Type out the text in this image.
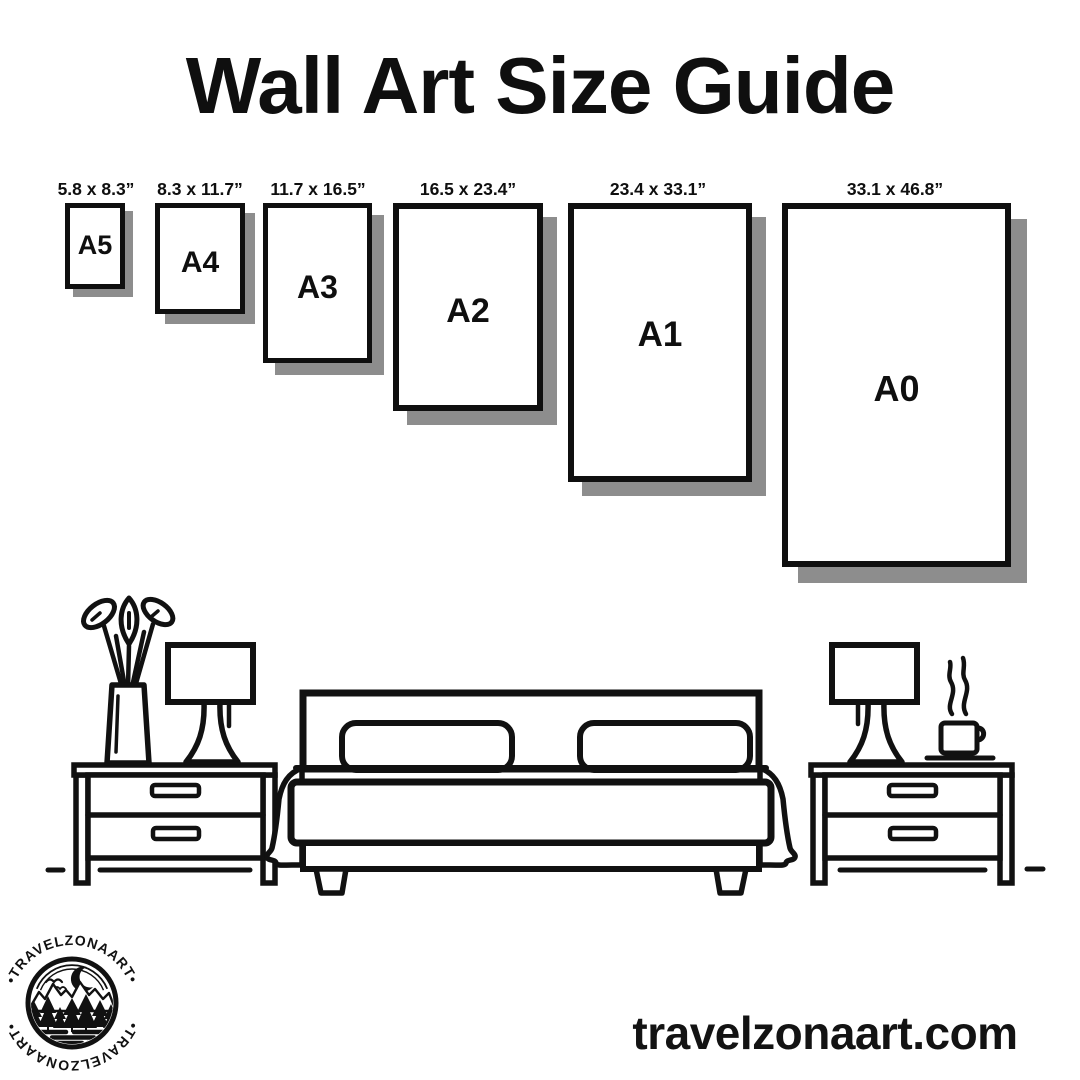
Wall Art Size Guide
5.8 x 8.3” 8.3 x 11.7” 11.7 x 16.5”	16.5 x 23.4”	23.4 x 33.1”	33.1 x 46.8”
A5
A4
A3
A2
A1
A0
•TRAVELZONAART•
•TRAVELZONAART•	travelzonaart.com
